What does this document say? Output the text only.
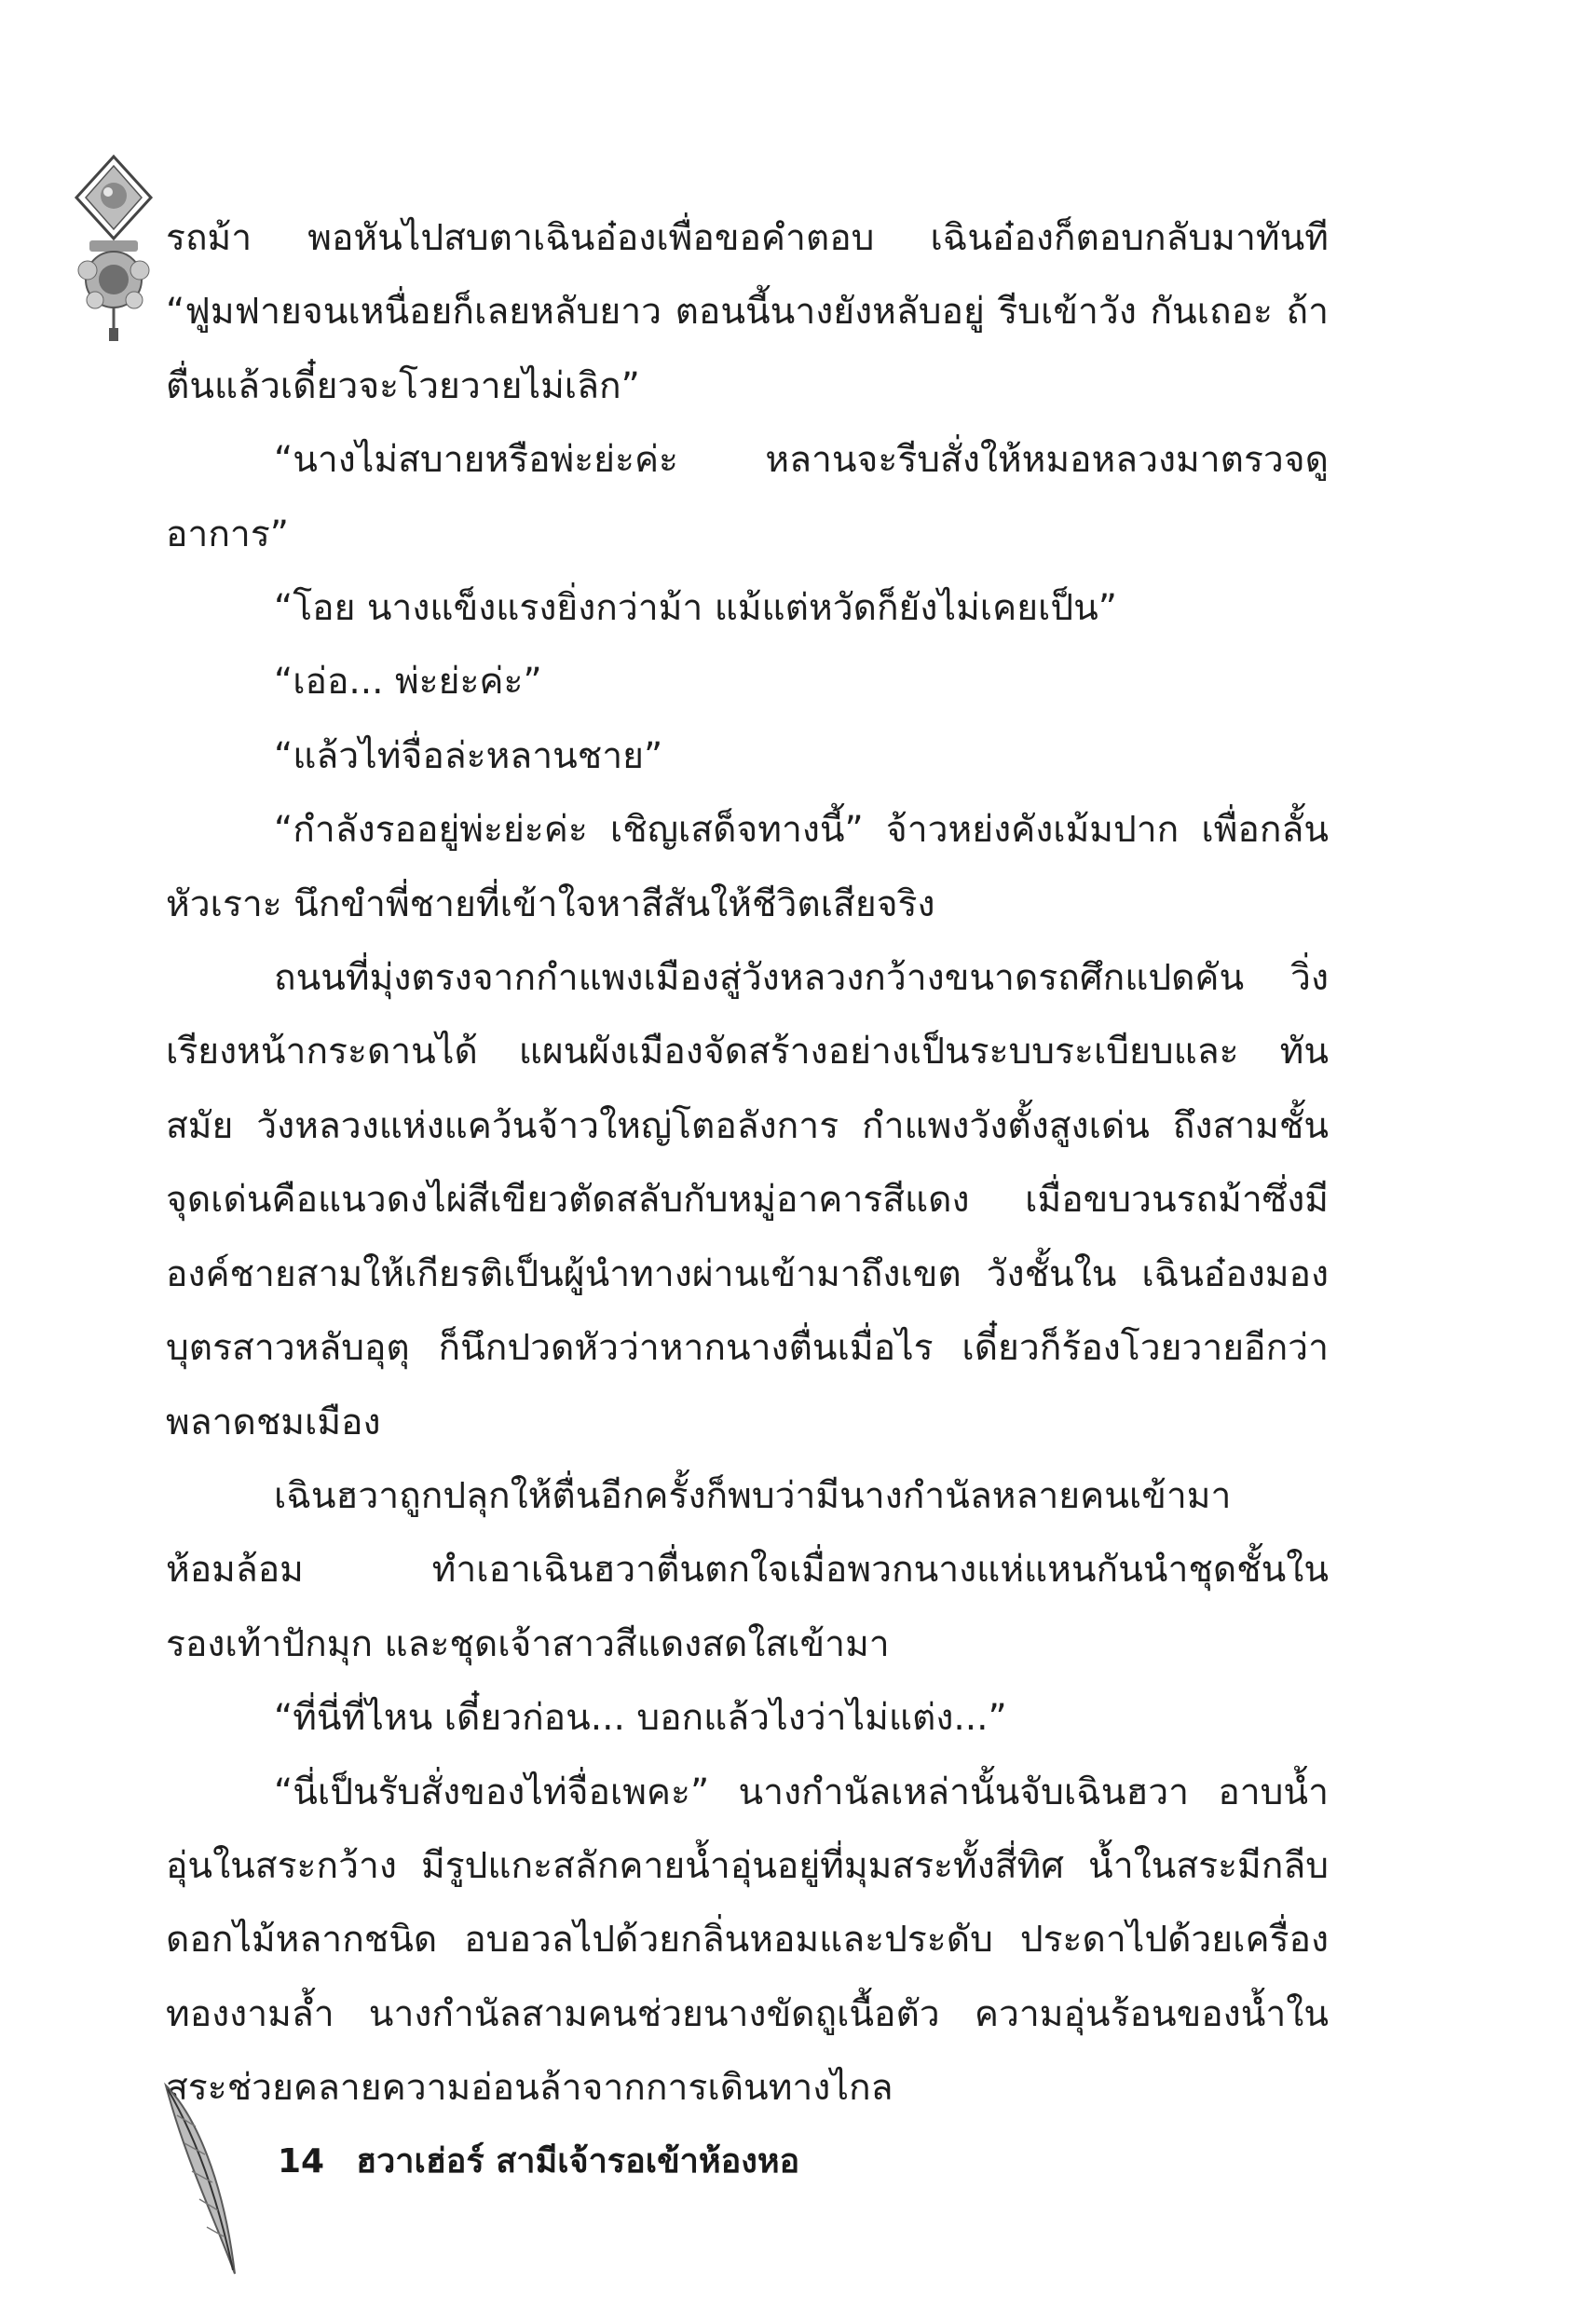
รถม้า พอหันไปสบตาเฉินอ๋องเพื่อขอคำตอบ เฉินอ๋องก็ตอบกลับมาทันที “ฟูมฟายจนเหนื่อยก็เลยหลับยาว ตอนนี้นางยังหลับอยู่ รีบเข้าวัง กันเถอะ ถ้าตื่นแล้วเดี๋ยวจะโวยวายไม่เลิก”

“นางไม่สบายหรือพ่ะย่ะค่ะ หลานจะรีบสั่งให้หมอหลวงมาตรวจดู อาการ”

“โอย นางแข็งแรงยิ่งกว่าม้า แม้แต่หวัดก็ยังไม่เคยเป็น”

“เอ่อ... พ่ะย่ะค่ะ”

“แล้วไท่จื่อล่ะหลานชาย”

“กำลังรออยู่พ่ะย่ะค่ะ เชิญเสด็จทางนี้” จ้าวหย่งคังเม้มปาก เพื่อกลั้นหัวเราะ นึกขำพี่ชายที่เข้าใจหาสีสันให้ชีวิตเสียจริง

ถนนที่มุ่งตรงจากกำแพงเมืองสู่วังหลวงกว้างขนาดรถศึกแปดคัน วิ่งเรียงหน้ากระดานได้ แผนผังเมืองจัดสร้างอย่างเป็นระบบระเบียบและ ทันสมัย วังหลวงแห่งแคว้นจ้าวใหญ่โตอลังการ กำแพงวังตั้งสูงเด่น ถึงสามชั้น จุดเด่นคือแนวดงไผ่สีเขียวตัดสลับกับหมู่อาคารสีแดง เมื่อขบวนรถม้าซึ่งมีองค์ชายสามให้เกียรติเป็นผู้นำทางผ่านเข้ามาถึงเขต วังชั้นใน เฉินอ๋องมองบุตรสาวหลับอุตุ ก็นึกปวดหัวว่าหากนางตื่นเมื่อไร เดี๋ยวก็ร้องโวยวายอีกว่าพลาดชมเมือง

เฉินฮวาถูกปลุกให้ตื่นอีกครั้งก็พบว่ามีนางกำนัลหลายคนเข้ามา ห้อมล้อม ทำเอาเฉินฮวาตื่นตกใจเมื่อพวกนางแห่แหนกันนำชุดชั้นใน รองเท้าปักมุก และชุดเจ้าสาวสีแดงสดใสเข้ามา

“ที่นี่ที่ไหน เดี๋ยวก่อน... บอกแล้วไงว่าไม่แต่ง...”

“นี่เป็นรับสั่งของไท่จื่อเพคะ” นางกำนัลเหล่านั้นจับเฉินฮวา อาบน้ำอุ่นในสระกว้าง มีรูปแกะสลักคายน้ำอุ่นอยู่ที่มุมสระทั้งสี่ทิศ น้ำในสระมีกลีบดอกไม้หลากชนิด อบอวลไปด้วยกลิ่นหอมและประดับ ประดาไปด้วยเครื่องทองงามล้ำ นางกำนัลสามคนช่วยนางขัดถูเนื้อตัว ความอุ่นร้อนของน้ำในสระช่วยคลายความอ่อนล้าจากการเดินทางไกล

14 ฮวาเฮ่อร์ สามีเจ้ารอเข้าห้องหอ
